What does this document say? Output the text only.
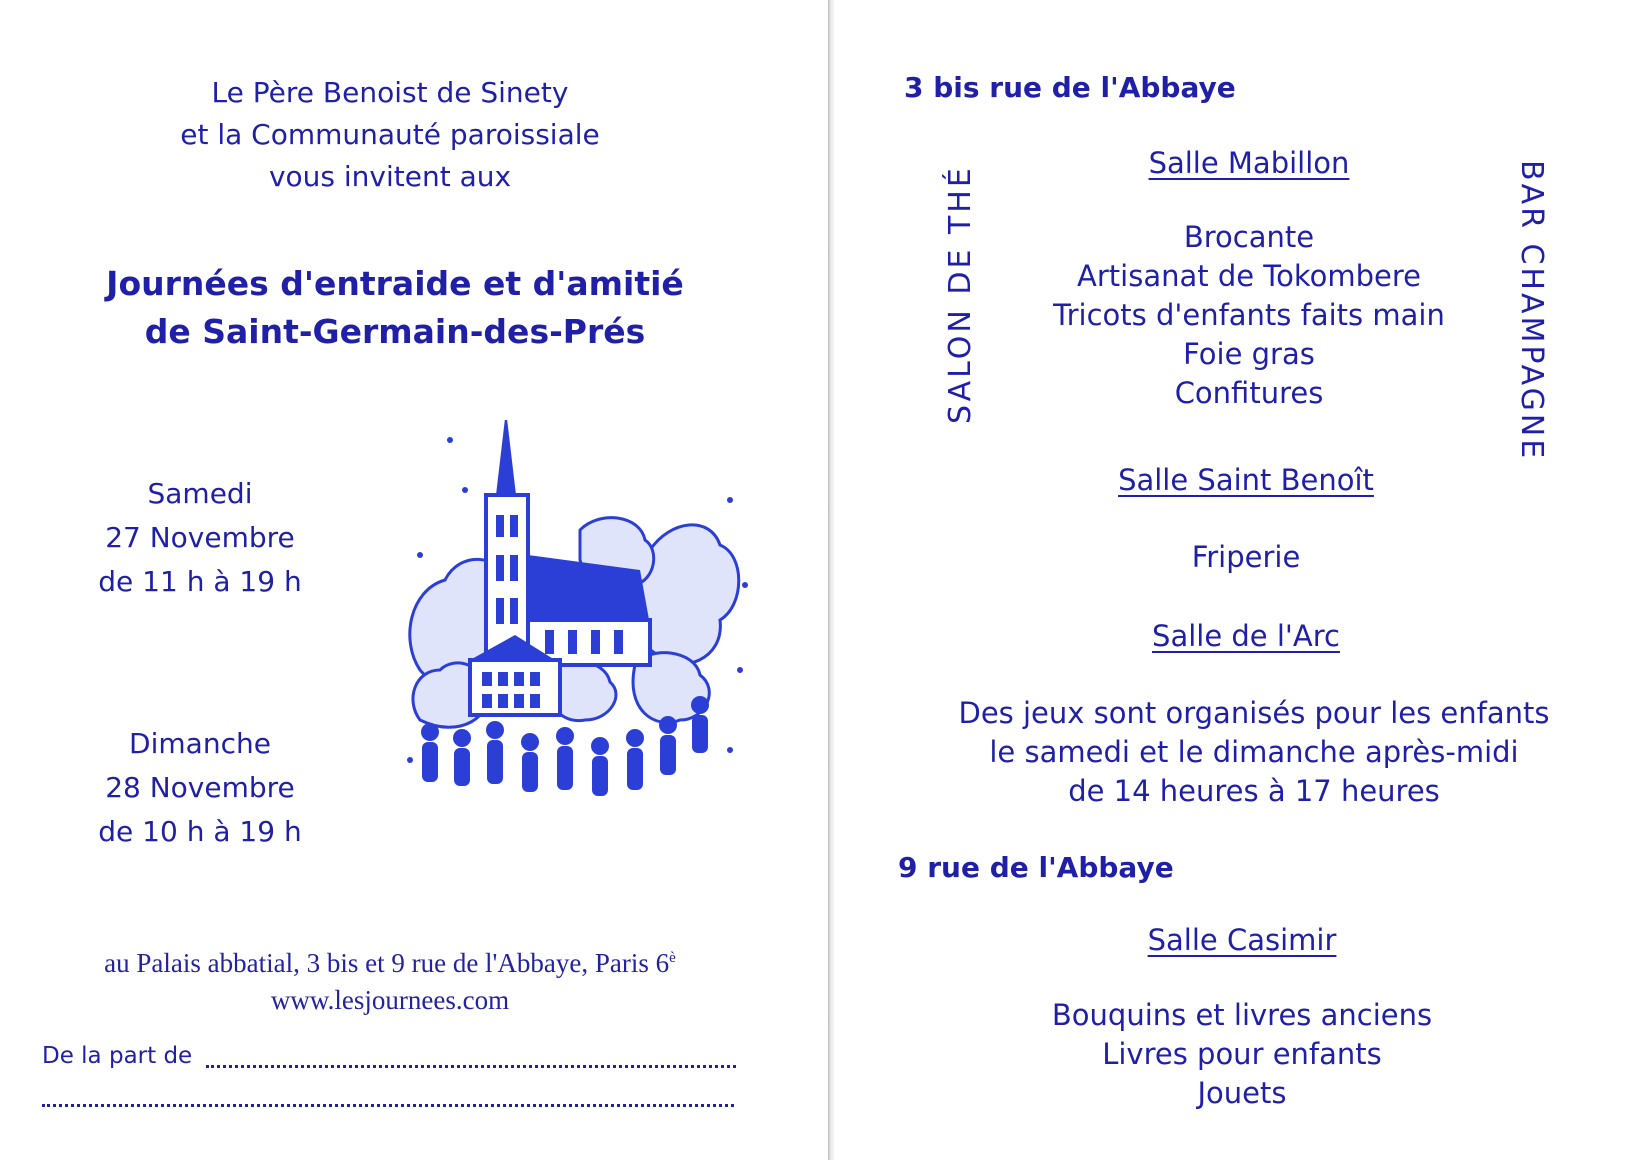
Le Père Benoist de Sinety
et la Communauté paroissiale
vous invitent aux
Journées d'entraide et d'amitié
de Saint-Germain-des-Prés
Samedi
27 Novembre
de 11 h à 19 h
Dimanche
28 Novembre
de 10 h à 19 h
au Palais abbatial, 3 bis et 9 rue de l'Abbaye, Paris $6^è$
www.lesjournees.com
De la part de
3 bis rue de l'Abbaye
SALON DE THÉ	BAR CHAMPAGNE
Salle Mabillon
Brocante
Artisanat de Tokombere
Tricots d'enfants faits main
Foie gras
Confitures
Salle Saint Benoît
Friperie
Salle de l'Arc
Des jeux sont organisés pour les enfants
le samedi et le dimanche après-midi
de 14 heures à 17 heures
9 rue de l'Abbaye
Salle Casimir
Bouquins et livres anciens
Livres pour enfants
Jouets
